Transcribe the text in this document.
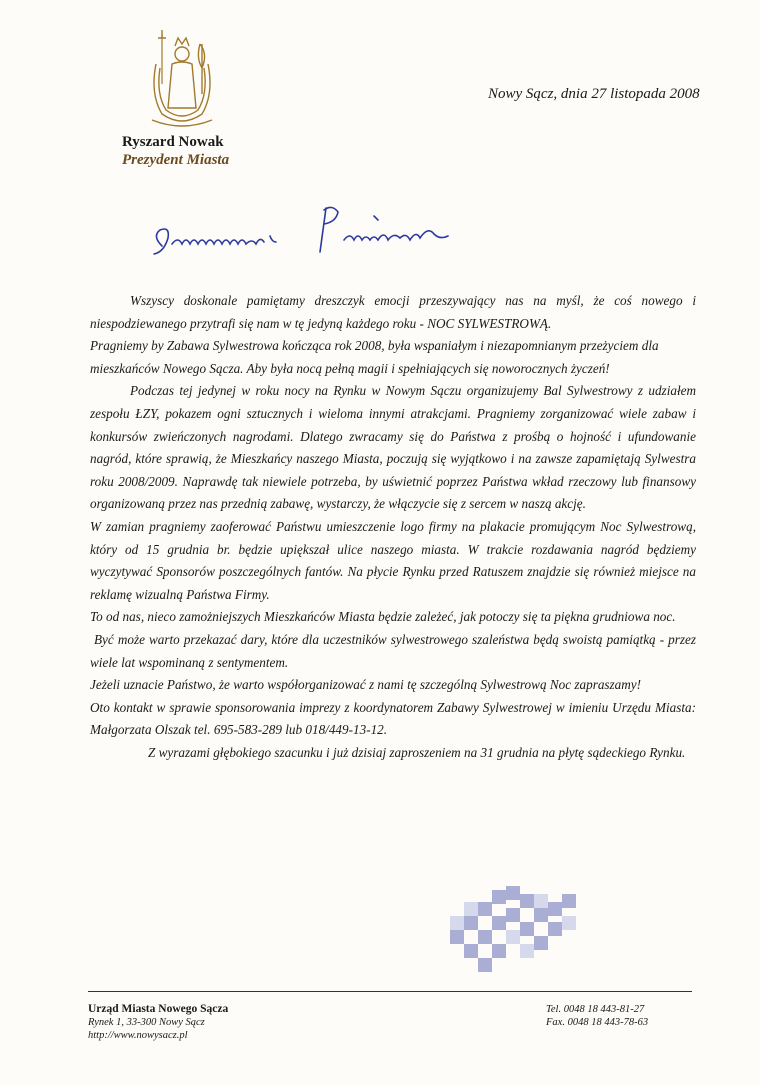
Ryszard Nowak
Prezydent Miasta
Nowy Sącz, dnia 27 listopada 2008

Wszyscy doskonale pamiętamy dreszczyk emocji przeszywający nas na myśl, że coś nowego i niespodziewanego przytrafi się nam w tę jedyną każdego roku - NOC SYLWESTROWĄ.

Pragniemy by Zabawa Sylwestrowa kończąca rok 2008, była wspaniałym i niezapomnianym przeżyciem dla mieszkańców Nowego Sącza. Aby była nocą pełną magii i spełniających się noworocznych życzeń!

Podczas tej jedynej w roku nocy na Rynku w Nowym Sączu organizujemy Bal Sylwestrowy z udziałem zespołu ŁZY, pokazem ogni sztucznych i wieloma innymi atrakcjami. Pragniemy zorganizować wiele zabaw i konkursów zwieńczonych nagrodami. Dlatego zwracamy się do Państwa z prośbą o hojność i ufundowanie nagród, które sprawią, że Mieszkańcy naszego Miasta, poczują się wyjątkowo i na zawsze zapamiętają Sylwestra roku 2008/2009. Naprawdę tak niewiele potrzeba, by uświetnić poprzez Państwa wkład rzeczowy lub finansowy organizowaną przez nas przednią zabawę, wystarczy, że włączycie się z sercem w naszą akcję.

W zamian pragniemy zaoferować Państwu umieszczenie logo firmy na plakacie promującym Noc Sylwestrową, który od 15 grudnia br. będzie upiększał ulice naszego miasta. W trakcie rozdawania nagród będziemy wyczytywać Sponsorów poszczególnych fantów. Na płycie Rynku przed Ratuszem znajdzie się również miejsce na reklamę wizualną Państwa Firmy.

To od nas, nieco zamożniejszych Mieszkańców Miasta będzie zależeć, jak potoczy się ta piękna grudniowa noc.

Być może warto przekazać dary, które dla uczestników sylwestrowego szaleństwa będą swoistą pamiątką - przez wiele lat wspominaną z sentymentem.

Jeżeli uznacie Państwo, że warto współorganizować z nami tę szczególną Sylwestrową Noc zapraszamy!

Oto kontakt w sprawie sponsorowania imprezy z koordynatorem Zabawy Sylwestrowej w imieniu Urzędu Miasta: Małgorzata Olszak tel. 695-583-289 lub 018/449-13-12.

Z wyrazami głębokiego szacunku i już dzisiaj zaproszeniem na 31 grudnia na płytę sądeckiego Rynku.

Urząd Miasta Nowego Sącza
Rynek 1, 33-300 Nowy Sącz
http://www.nowysacz.pl
Tel. 0048 18 443-81-27
Fax. 0048 18 443-78-63
